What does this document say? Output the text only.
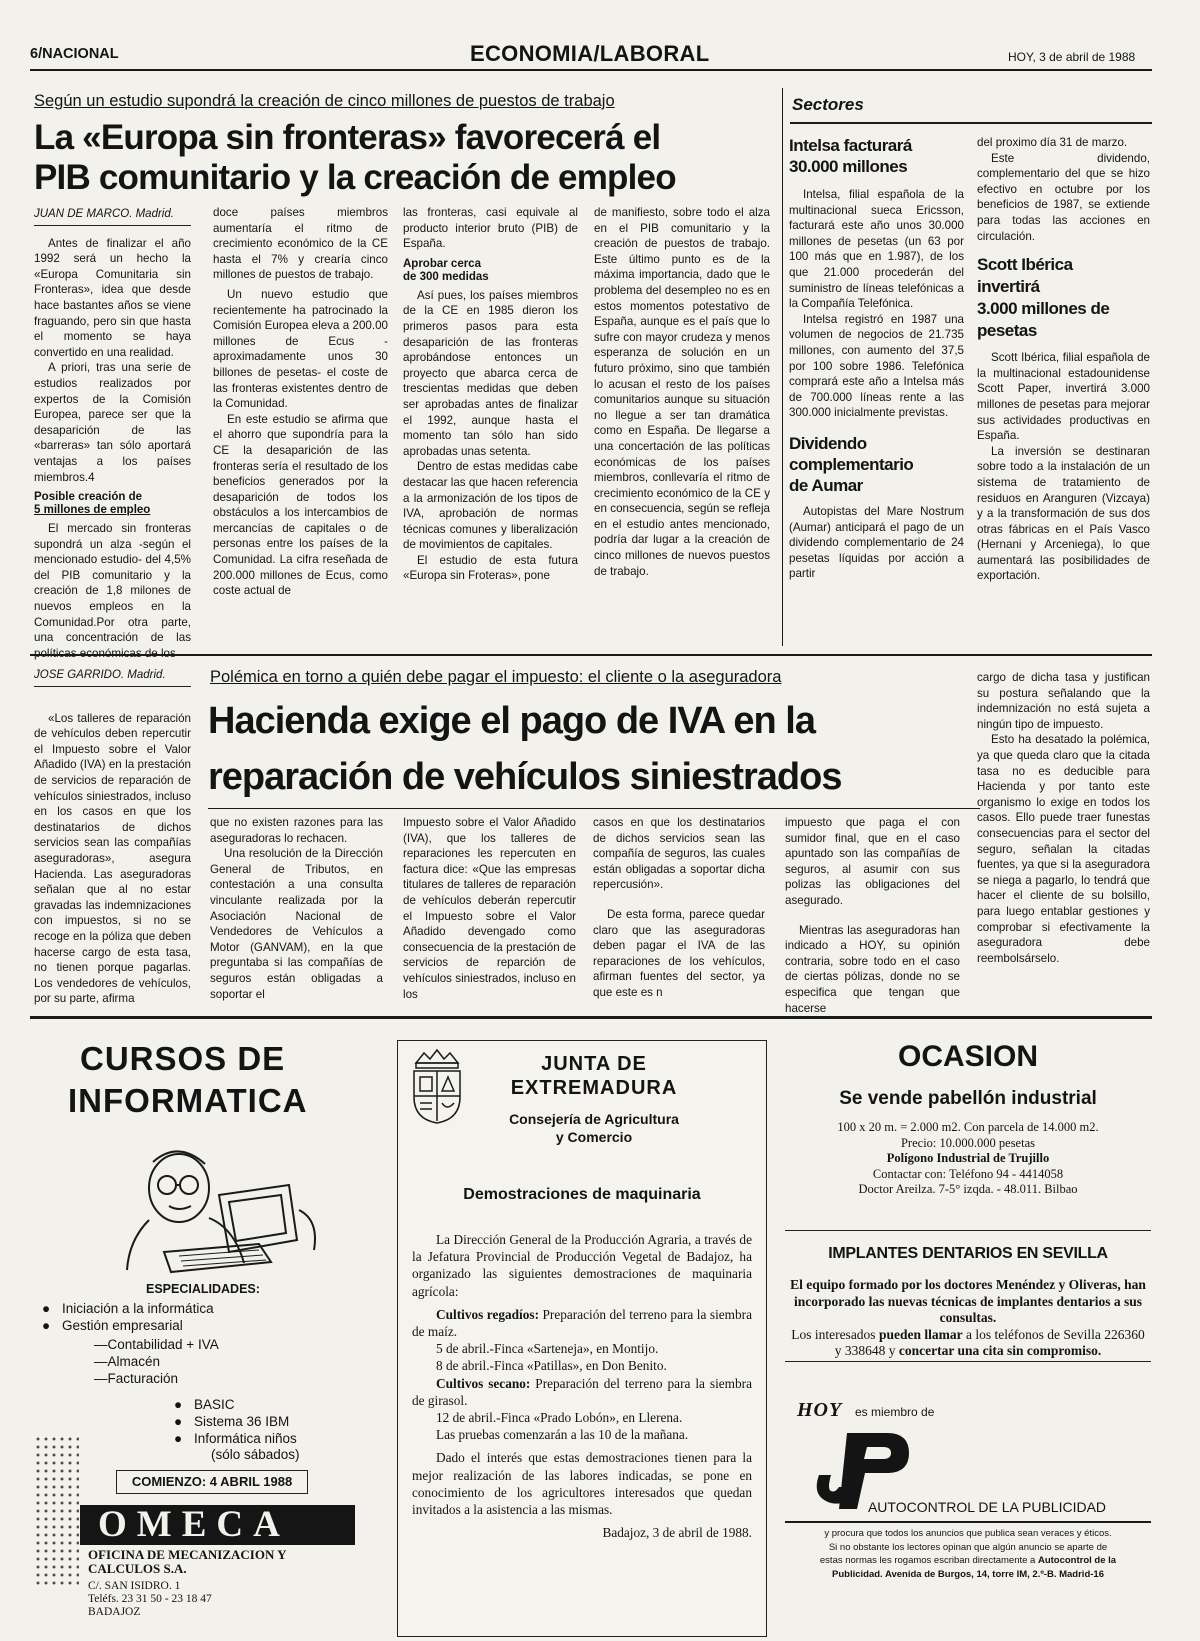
6/NACIONAL	ECONOMIA/LABORAL	HOY, 3 de abril de 1988
Según un estudio supondrá la creación de cinco millones de puestos de trabajo
La «Europa sin fronteras» favorecerá el
PIB comunitario y la creación de empleo
JUAN DE MARCO. Madrid.

Antes de finalizar el año 1992 será un hecho la «Europa Comunitaria sin Fronteras», idea que desde hace bastantes años se viene fraguando, pero sin que hasta el momento se haya convertido en una realidad.

A priori, tras una serie de estudios realizados por expertos de la Comisión Europea, parece ser que la desaparición de las «barreras» tan sólo aportará ventajas a los países miembros.4

Posible creación de
5 millones de empleo

El mercado sin fronteras supondrá un alza -según el mencionado estudio- del 4,5% del PIB comunitario y la creación de 1,8 milones de nuevos empleos en la Comunidad.Por otra parte, una concentración de las

doce países miembros aumentaría el ritmo de crecimiento económico de la CE hasta el 7% y crearía cinco millones de puestos de trabajo.

Un nuevo estudio que recientemente ha patrocinado la Comisión Europea eleva a 200.00 millones de Ecus -aproximadamente unos 30 billones de pesetas- el coste de las fronteras existentes dentro de la Comunidad.

En este estudio se afirma que el ahorro que supondría para la CE la desaparición de las fronteras sería el resultado de los beneficios generados por la desaparición de todos los obstáculos a los intercambios de mercancías de capitales o de personas entre los países de la Comunidad. La cifra reseñada de 200.000 millones de Ecus, como coste actual de

las fronteras, casi equivale al producto interior bruto (PIB) de España.

Aprobar cerca
de 300 medidas

Así pues, los países miembros de la CE en 1985 dieron los primeros pasos para esta desaparición de las fronteras aprobándose entonces un proyecto que abarca cerca de trescientas medidas que deben ser aprobadas antes de finalizar el 1992, aunque hasta el momento tan sólo han sido aprobadas unas setenta.

Dentro de estas medidas cabe destacar las que hacen referencia a la armonización de los tipos de IVA, aprobación de normas técnicas comunes y liberalización de movimientos de capitales.

El estudio de esta futura «Europa sin Froteras», pone

de manifiesto, sobre todo el alza en el PIB comunitario y la creación de puestos de trabajo. Este último punto es de la máxima importancia, dado que le problema del desempleo no es en estos momentos potestativo de España, aunque es el país que lo sufre con mayor crudeza y menos esperanza de solución en un futuro próximo, sino que también lo acusan el resto de los países comunitarios aunque su situación no llegue a ser tan dramática como en España. De llegarse a una concertación de las políticas económicas de los países miembros, conllevaría el ritmo de crecimiento económico de la CE y en consecuencia, según se refleja en el estudio antes mencionado, podría dar lugar a la creación de cinco millones de nuevos puestos de trabajo.

Sectores
Intelsa facturará
30.000 millones

Intelsa, filial española de la multinacional sueca Ericsson, facturará este año unos 30.000 millones de pesetas (un 63 por 100 más que en 1.987), de los que 21.000 procederán del suministro de líneas telefónicas a la Compañía Telefónica.

Intelsa registró en 1987 una volumen de negocios de 21.735 millones, con aumento del 37,5 por 100 sobre 1986. Telefónica comprará este año a Intelsa más de 700.000 líneas rente a las 300.000 inicialmente previstas.

Dividendo
complementario
de Aumar

Autopistas del Mare Nostrum (Aumar) anticipará el pago de un dividendo complementario de 24 pesetas líquidas por acción a partir

del proximo día 31 de marzo.

Este dividendo, complementario del que se hizo efectivo en octubre por los beneficios de 1987, se extiende para todas las acciones en circulación.

Scott Ibérica
invertirá
3.000 millones de
pesetas

Scott Ibérica, filial española de la multinacional estadounidense Scott Paper, invertirá 3.000 millones de pesetas para mejorar sus actividades productivas en España.

La inversión se destinaran sobre todo a la instalación de un sistema de tratamiento de residuos en Aranguren (Vizcaya) y a la transformación de sus dos otras fábricas en el País Vasco (Hernani y Arceniega), lo que aumentará las posibilidades de exportación.

JOSE GARRIDO. Madrid.

«Los talleres de reparación de vehículos deben repercutir el Impuesto sobre el Valor Añadido (IVA) en la prestación de servicios de reparación de vehículos siniestrados, incluso en los casos en que los destinatarios de dichos servicios sean las compañías aseguradoras», asegura Hacienda. Las aseguradoras señalan que al no estar gravadas las indemnizaciones con impuestos, si no se recoge en la póliza que deben hacerse cargo de esta tasa, no tienen porque pagarlas. Los vendedores de vehículos, por su parte, afirma

Polémica en torno a quién debe pagar el impuesto: el cliente o la aseguradora
Hacienda exige el pago de IVA en la
reparación de vehículos siniestrados

que no existen razones para las aseguradoras lo rechacen.

Una resolución de la Dirección General de Tributos, en contestación a una consulta vinculante realizada por la Asociación Nacional de Vendedores de Vehículos a Motor (GANVAM), en la que preguntaba si las compañías de seguros están obligadas a soportar el

Impuesto sobre el Valor Añadido (IVA), que los talleres de reparaciones les repercuten en factura dice: «Que las empresas titulares de talleres de reparación de vehículos deberán repercutir el Impuesto sobre el Valor Añadido devengado como consecuencia de la prestación de servicios de reparción de vehículos siniestrados, incluso en los

casos en que los destinatarios de dichos servicios sean las compañía de seguros, las cuales están obligadas a soportar dicha repercusión».

De esta forma, parece quedar claro que las aseguradoras deben pagar el IVA de las reparaciones de los vehículos, afirman fuentes del sector, ya que este es n

impuesto que paga el con sumidor final, que en el caso apuntado son las compañías de seguros, al asumir con sus polizas las obligaciones del asegurado.

Mientras las aseguradoras han indicado a HOY, su opinión contraria, sobre todo en el caso de ciertas pólizas, donde no se especifica que tengan que hacerse

cargo de dicha tasa y justifican su postura señalando que la indemnización no está sujeta a ningún tipo de impuesto.

Esto ha desatado la polémica, ya que queda claro que la citada tasa no es deducible para Hacienda y por tanto este organismo lo exige en todos los casos. Ello puede traer funestas consecuencias para el sector del seguro, señalan la citadas fuentes, ya que si la aseguradora se niega a pagarlo, lo tendrá que hacer el cliente de su bolsillo, para luego entablar gestiones y comprobar si efectivamente la aseguradora debe reembolsárselo.

CURSOS DE
INFORMATICA
ESPECIALIDADES:
● Iniciación a la informática
● Gestión empresarial
—Contabilidad + IVA
—Almacén
—Facturación
● BASIC
● Sistema 36 IBM
● Informática niños
(sólo sábados)
COMIENZO: 4 ABRIL 1988
OMECA
OFICINA DE MECANIZACION Y
CALCULOS S.A.
C/. SAN ISIDRO. 1
Teléfs. 23 31 50 - 23 18 47
BADAJOZ
JUNTA DE
EXTREMADURA
Consejería de Agricultura
y Comercio
Demostraciones de maquinaria

La Dirección General de la Producción Agraria, a través de la Jefatura Provincial de Producción Vegetal de Badajoz, ha organizado las siguientes demostraciones de maquinaria agrícola:

Cultivos regadíos: Preparación del terreno para la siembra de maíz.

5 de abril.-Finca «Sarteneja», en Montijo.

8 de abril.-Finca «Patillas», en Don Benito.

Cultivos secano: Preparación del terreno para la siembra de girasol.

12 de abril.-Finca «Prado Lobón», en Llerena.

Las pruebas comenzarán a las 10 de la mañana.

Dado el interés que estas demostraciones tienen para la mejor realización de las labores indicadas, se pone en conocimiento de los agricultores interesados que quedan invitados a la asistencia a las mismas.

Badajoz, 3 de abril de 1988.

OCASION
Se vende pabellón industrial
100 x 20 m. = 2.000 m2. Con parcela de 14.000 m2.
Precio: 10.000.000 pesetas
Polígono Industrial de Trujillo
Contactar con: Teléfono 94 - 4414058
Doctor Areilza. 7-5° izqda. - 48.011. Bilbao
IMPLANTES DENTARIOS EN SEVILLA
El equipo formado por los doctores Menéndez y Oliveras, han incorporado las nuevas técnicas de implantes dentarios a sus consultas.
Los interesados pueden llamar a los teléfonos de Sevilla 226360 y 338648 y concertar una cita sin compromiso.
HOY es miembro de
AUTOCONTROL DE LA PUBLICIDAD
y procura que todos los anuncios que publica sean veraces y éticos.
Si no obstante los lectores opinan que algún anuncio se aparte de
estas normas les rogamos escriban directamente a Autocontrol de la
Publicidad. Avenida de Burgos, 14, torre IM, 2.º-B. Madrid-16
